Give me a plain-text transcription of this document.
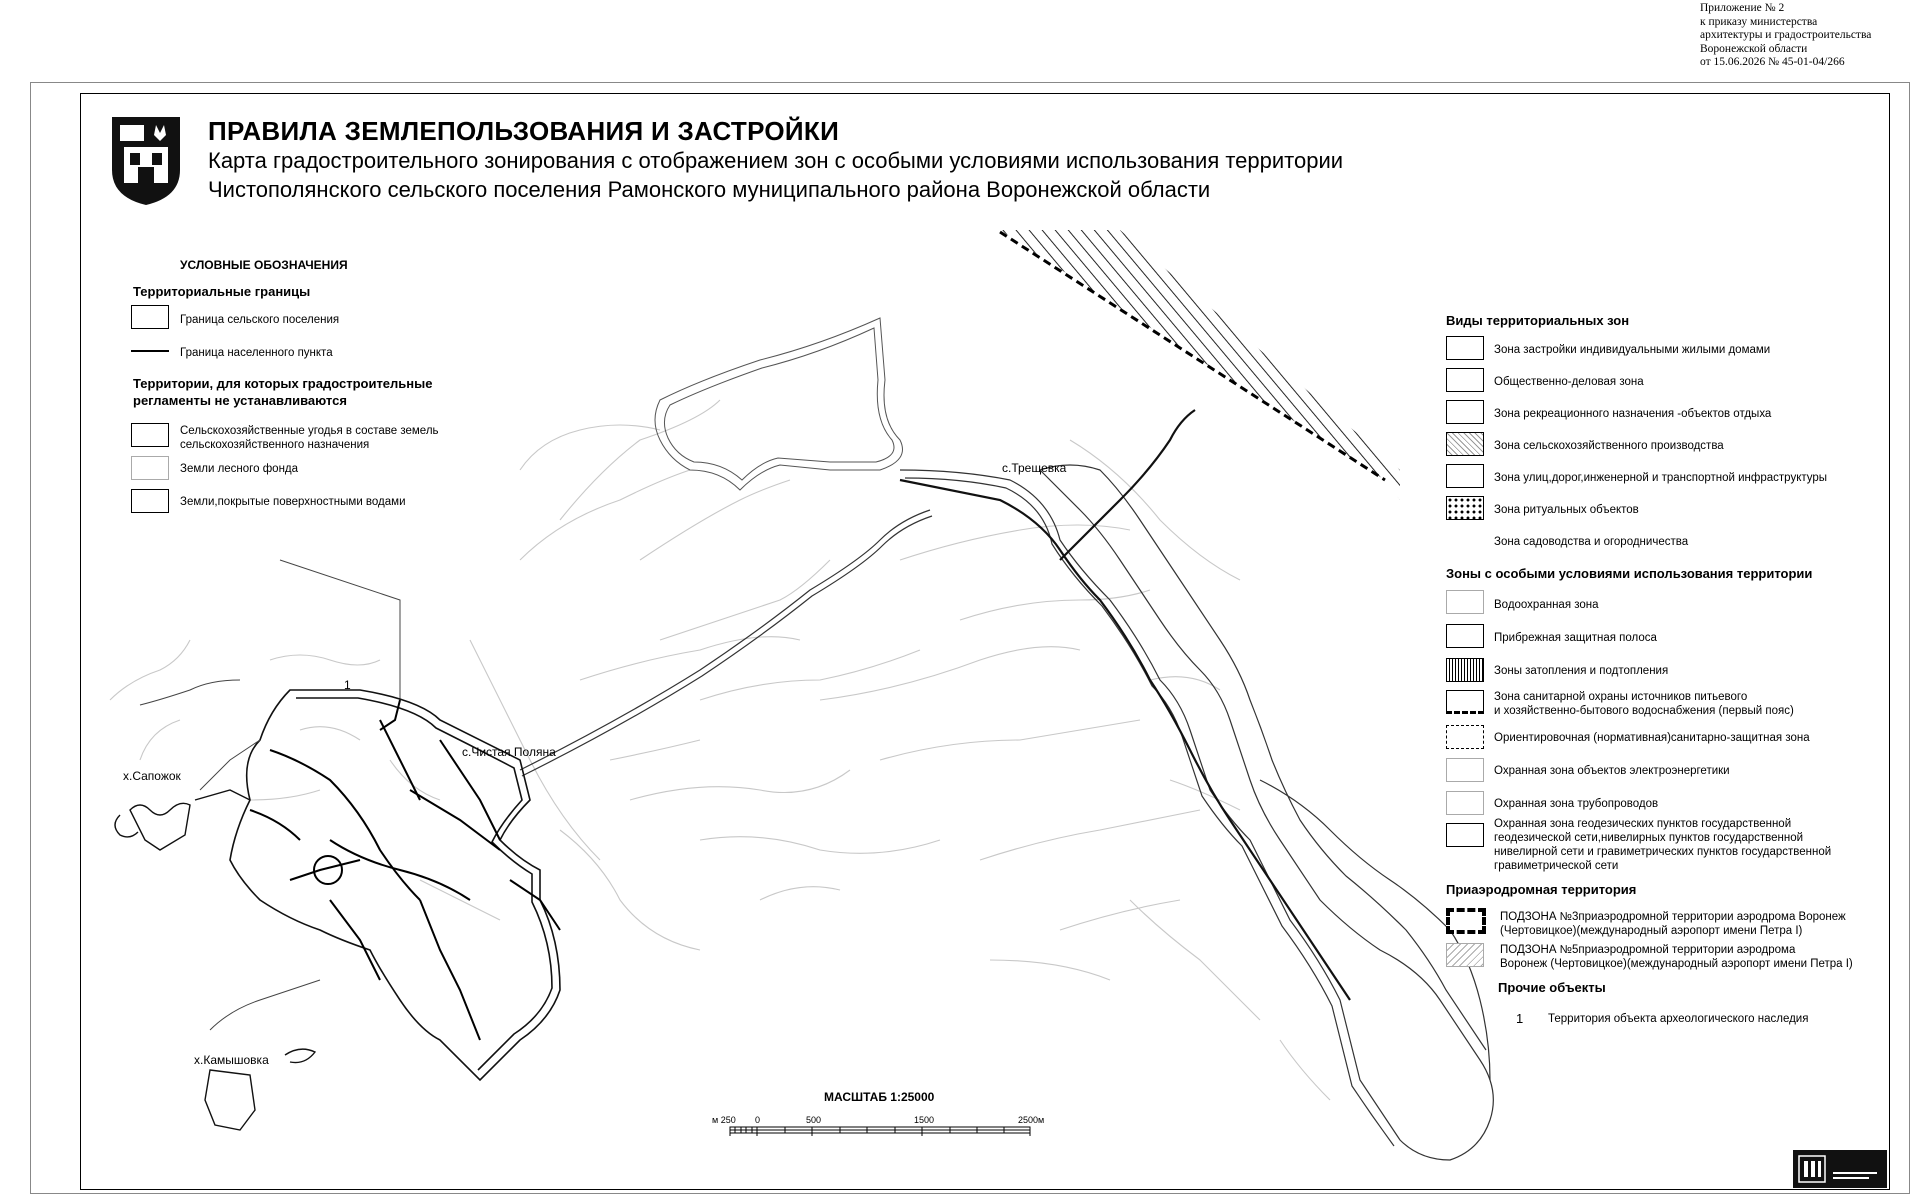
Приложение № 2
к приказу министерства
архитектуры и градостроительства
Воронежской области
от 15.06.2026 № 45-01-04/266
ПРАВИЛА ЗЕМЛЕПОЛЬЗОВАНИЯ И ЗАСТРОЙКИ
Карта градостроительного зонирования с отображением зон с особыми условиями использования территории
Чистополянского сельского поселения Рамонского муниципального района Воронежской области
с.Трещевка
с.Чистая Поляна
х.Сапожок
х.Камышовка
1
УСЛОВНЫЕ ОБОЗНАЧЕНИЯ
Территориальные границы
Граница сельского поселения
Граница населенного пункта
Территории, для которых градостроительные
регламенты не устанавливаются
Сельскохозяйственные угодья в составе земель
сельскохозяйственного назначения
Земли лесного фонда
Земли,покрытые поверхностными водами
Виды территориальных зон
Зона застройки индивидуальными жилыми домами
Общественно-деловая зона
Зона рекреационного назначения -объектов отдыха
Зона сельскохозяйственного производства
Зона улиц,дорог,инженерной и транспортной инфраструктуры
Зона ритуальных объектов
Зона садоводства и огородничества
Зоны с особыми условиями использования территории
Водоохранная зона
Прибрежная защитная полоса
Зоны затопления и подтопления
Зона санитарной охраны источников питьевого
и хозяйственно-бытового водоснабжения (первый пояс)
Ориентировочная (нормативная)санитарно-защитная зона
Охранная зона объектов электроэнергетики
Охранная зона трубопроводов
Охранная зона геодезических пунктов государственной
геодезической сети,нивелирных пунктов государственной
нивелирной сети и гравиметрических пунктов государственной
гравиметрической сети
Приаэродромная территория
ПОДЗОНА №3приаэродромной территории аэродрома Воронеж
(Чертовицкое)(международный аэропорт имени Петра I)
ПОДЗОНА №5приаэродромной территории аэродрома
Воронеж (Чертовицкое)(международный аэропорт имени Петра I)
Прочие объекты
1 Территория объекта археологического наследия
МАСШТАБ 1:25000
м 250 0	500	1500	2500м
